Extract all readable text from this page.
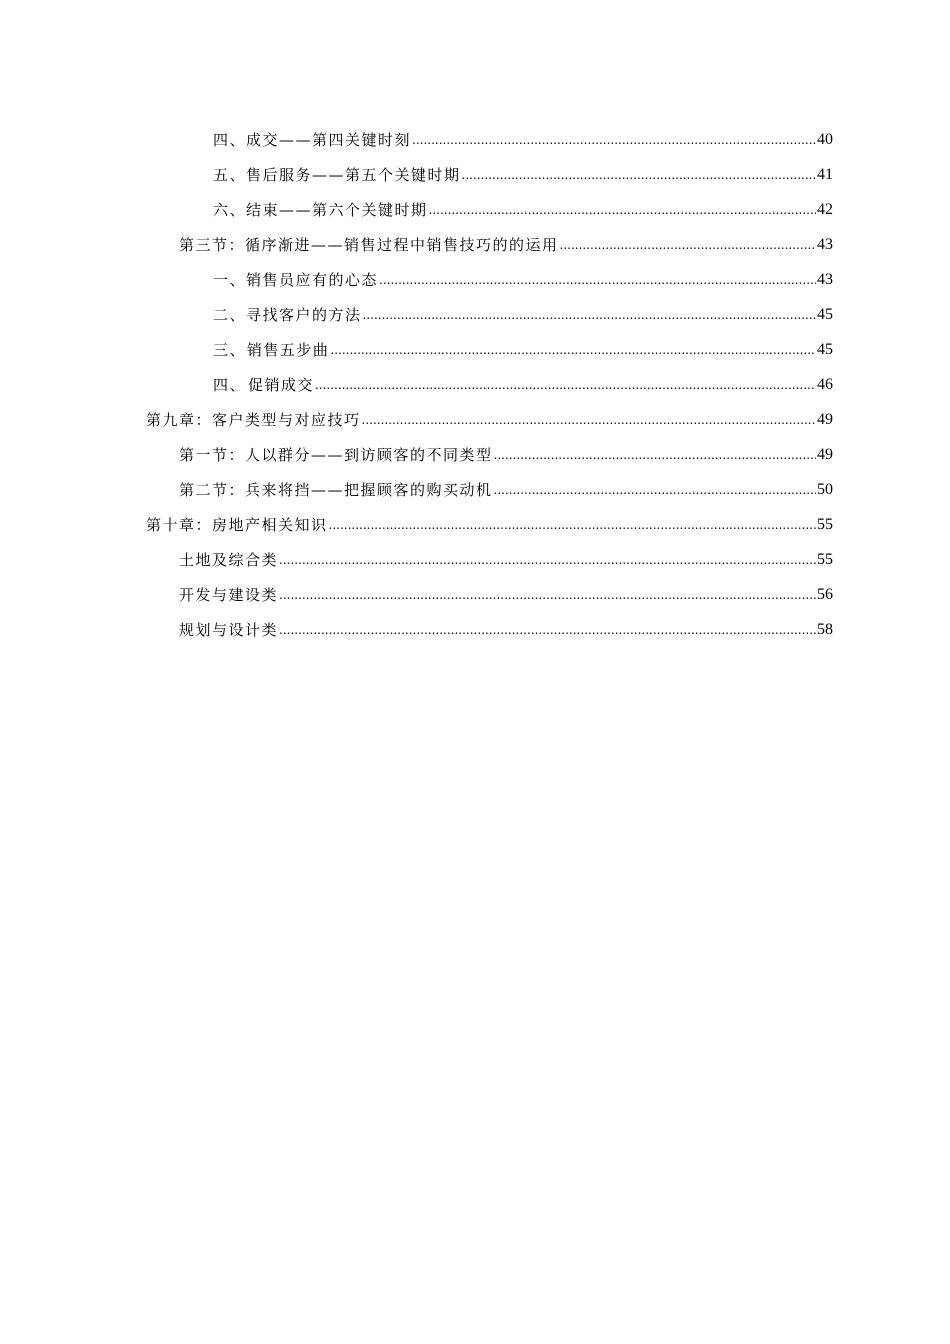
四、 成交——第四关键时刻 .....	40
五、 售后服务——第五个关键时期 .....	41
六、 结束——第六个关键时期 .....	42
第三节：循序渐进——销售过程中销售技巧的的运用 .....	43
一、 销售员应有的心态 .....	43
二、 寻找客户的方法 .....	45
三、 销售五步曲 .....	45
四、 促销成交 .....	46
第九章：客户类型与对应技巧 .....	49
第一节：人以群分——到访顾客的不同类型 .....	49
第二节：兵来将挡——把握顾客的购买动机 .....	50
第十章：房地产相关知识 .....	55
土地及综合类 .....	55
开发与建设类 .....	56
规划与设计类 .....	58
